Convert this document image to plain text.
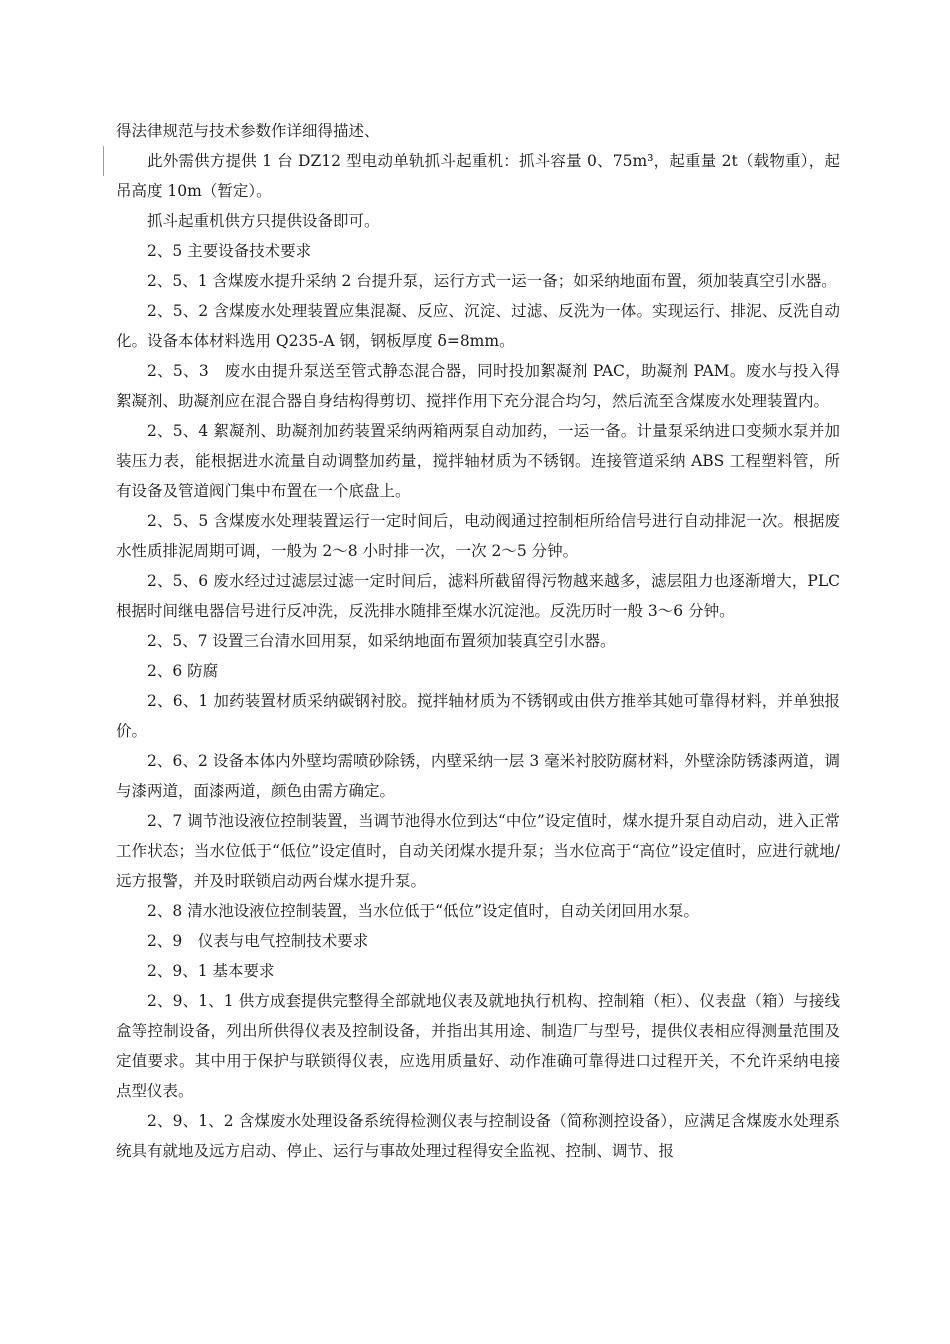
得法律规范与技术参数作详细得描述、

此外需供方提供 1 台 DZ12 型电动单轨抓斗起重机：抓斗容量 0、75m³，起重量 2t（载物重），起吊高度 10m（暂定）。

抓斗起重机供方只提供设备即可。

2、5 主要设备技术要求

2、5、1 含煤废水提升采纳 2 台提升泵，运行方式一运一备；如采纳地面布置，须加装真空引水器。

2、5、2 含煤废水处理装置应集混凝、反应、沉淀、过滤、反洗为一体。实现运行、排泥、反洗自动化。设备本体材料选用 Q235-A 钢，钢板厚度 δ=8mm。

2、5、3　废水由提升泵送至管式静态混合器，同时投加絮凝剂 PAC，助凝剂 PAM。废水与投入得絮凝剂、助凝剂应在混合器自身结构得剪切、搅拌作用下充分混合均匀，然后流至含煤废水处理装置内。

2、5、4 絮凝剂、助凝剂加药装置采纳两箱两泵自动加药，一运一备。计量泵采纳进口变频水泵并加装压力表，能根据进水流量自动调整加药量，搅拌轴材质为不锈钢。连接管道采纳 ABS 工程塑料管，所有设备及管道阀门集中布置在一个底盘上。

2、5、5 含煤废水处理装置运行一定时间后，电动阀通过控制柜所给信号进行自动排泥一次。根据废水性质排泥周期可调，一般为 2～8 小时排一次，一次 2～5 分钟。

2、5、6 废水经过过滤层过滤一定时间后，滤料所截留得污物越来越多，滤层阻力也逐渐增大，PLC 根据时间继电器信号进行反冲洗，反洗排水随排至煤水沉淀池。反洗历时一般 3～6 分钟。

2、5、7 设置三台清水回用泵，如采纳地面布置须加装真空引水器。

2、6 防腐

2、6、1 加药装置材质采纳碳钢衬胶。搅拌轴材质为不锈钢或由供方推举其她可靠得材料，并单独报价。

2、6、2 设备本体内外壁均需喷砂除锈，内壁采纳一层 3 毫米衬胶防腐材料，外壁涂防锈漆两道，调与漆两道，面漆两道，颜色由需方确定。

2、7 调节池设液位控制装置，当调节池得水位到达“中位”设定值时，煤水提升泵自动启动，进入正常工作状态；当水位低于“低位”设定值时，自动关闭煤水提升泵；当水位高于“高位”设定值时，应进行就地/远方报警，并及时联锁启动两台煤水提升泵。

2、8 清水池设液位控制装置，当水位低于“低位”设定值时，自动关闭回用水泵。

2、9　仪表与电气控制技术要求

2、9、1 基本要求

2、9、1、1 供方成套提供完整得全部就地仪表及就地执行机构、控制箱（柜）、仪表盘（箱）与接线盒等控制设备，列出所供得仪表及控制设备，并指出其用途、制造厂与型号，提供仪表相应得测量范围及定值要求。其中用于保护与联锁得仪表，应选用质量好、动作准确可靠得进口过程开关，不允许采纳电接点型仪表。

2、9、1、2 含煤废水处理设备系统得检测仪表与控制设备（简称测控设备），应满足含煤废水处理系统具有就地及远方启动、停止、运行与事故处理过程得安全监视、控制、调节、报
